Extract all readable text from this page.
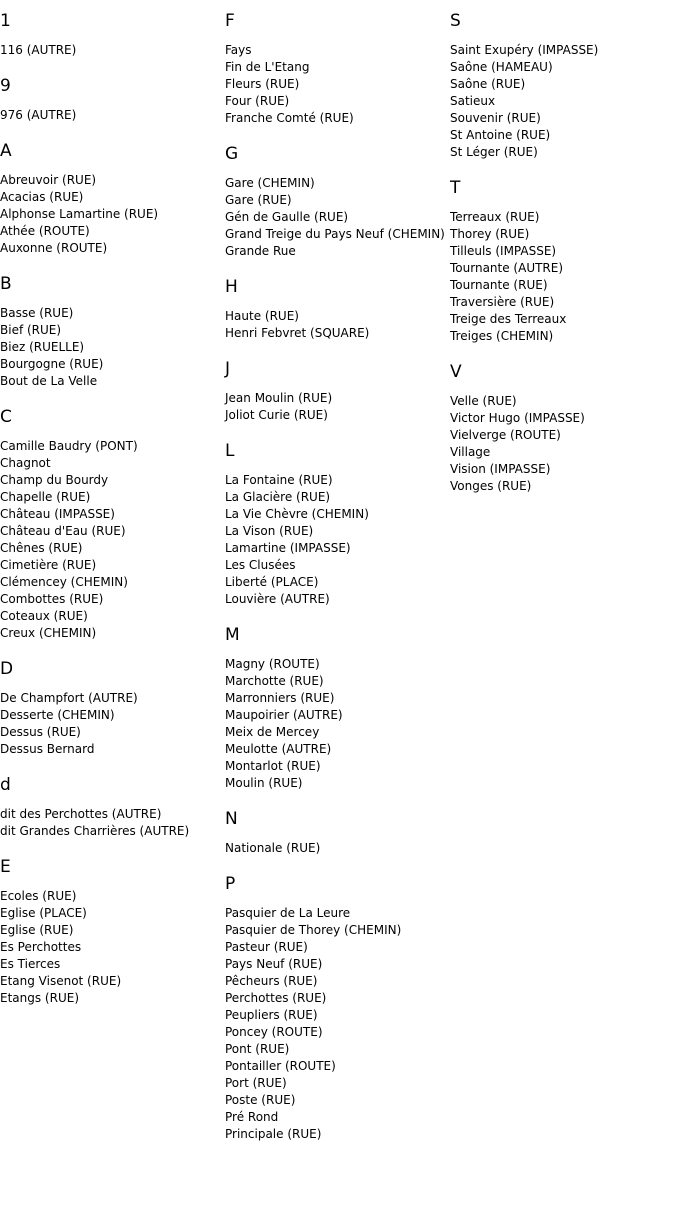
1
116 (AUTRE)
9
976 (AUTRE)
A
Abreuvoir (RUE)
Acacias (RUE)
Alphonse Lamartine (RUE)
Athée (ROUTE)
Auxonne (ROUTE)
B
Basse (RUE)
Bief (RUE)
Biez (RUELLE)
Bourgogne (RUE)
Bout de La Velle
C
Camille Baudry (PONT)
Chagnot
Champ du Bourdy
Chapelle (RUE)
Château (IMPASSE)
Château d'Eau (RUE)
Chênes (RUE)
Cimetière (RUE)
Clémencey (CHEMIN)
Combottes (RUE)
Coteaux (RUE)
Creux (CHEMIN)
D
De Champfort (AUTRE)
Desserte (CHEMIN)
Dessus (RUE)
Dessus Bernard
d
dit des Perchottes (AUTRE)
dit Grandes Charrières (AUTRE)
E
Ecoles (RUE)
Eglise (PLACE)
Eglise (RUE)
Es Perchottes
Es Tierces
Etang Visenot (RUE)
Etangs (RUE)
F
Fays
Fin de L'Etang
Fleurs (RUE)
Four (RUE)
Franche Comté (RUE)
G
Gare (CHEMIN)
Gare (RUE)
Gén de Gaulle (RUE)
Grand Treige du Pays Neuf (CHEMIN)
Grande Rue
H
Haute (RUE)
Henri Febvret (SQUARE)
J
Jean Moulin (RUE)
Joliot Curie (RUE)
L
La Fontaine (RUE)
La Glacière (RUE)
La Vie Chèvre (CHEMIN)
La Vison (RUE)
Lamartine (IMPASSE)
Les Clusées
Liberté (PLACE)
Louvière (AUTRE)
M
Magny (ROUTE)
Marchotte (RUE)
Marronniers (RUE)
Maupoirier (AUTRE)
Meix de Mercey
Meulotte (AUTRE)
Montarlot (RUE)
Moulin (RUE)
N
Nationale (RUE)
P
Pasquier de La Leure
Pasquier de Thorey (CHEMIN)
Pasteur (RUE)
Pays Neuf (RUE)
Pêcheurs (RUE)
Perchottes (RUE)
Peupliers (RUE)
Poncey (ROUTE)
Pont (RUE)
Pontailler (ROUTE)
Port (RUE)
Poste (RUE)
Pré Rond
Principale (RUE)
S
Saint Exupéry (IMPASSE)
Saône (HAMEAU)
Saône (RUE)
Satieux
Souvenir (RUE)
St Antoine (RUE)
St Léger (RUE)
T
Terreaux (RUE)
Thorey (RUE)
Tilleuls (IMPASSE)
Tournante (AUTRE)
Tournante (RUE)
Traversière (RUE)
Treige des Terreaux
Treiges (CHEMIN)
V
Velle (RUE)
Victor Hugo (IMPASSE)
Vielverge (ROUTE)
Village
Vision (IMPASSE)
Vonges (RUE)
